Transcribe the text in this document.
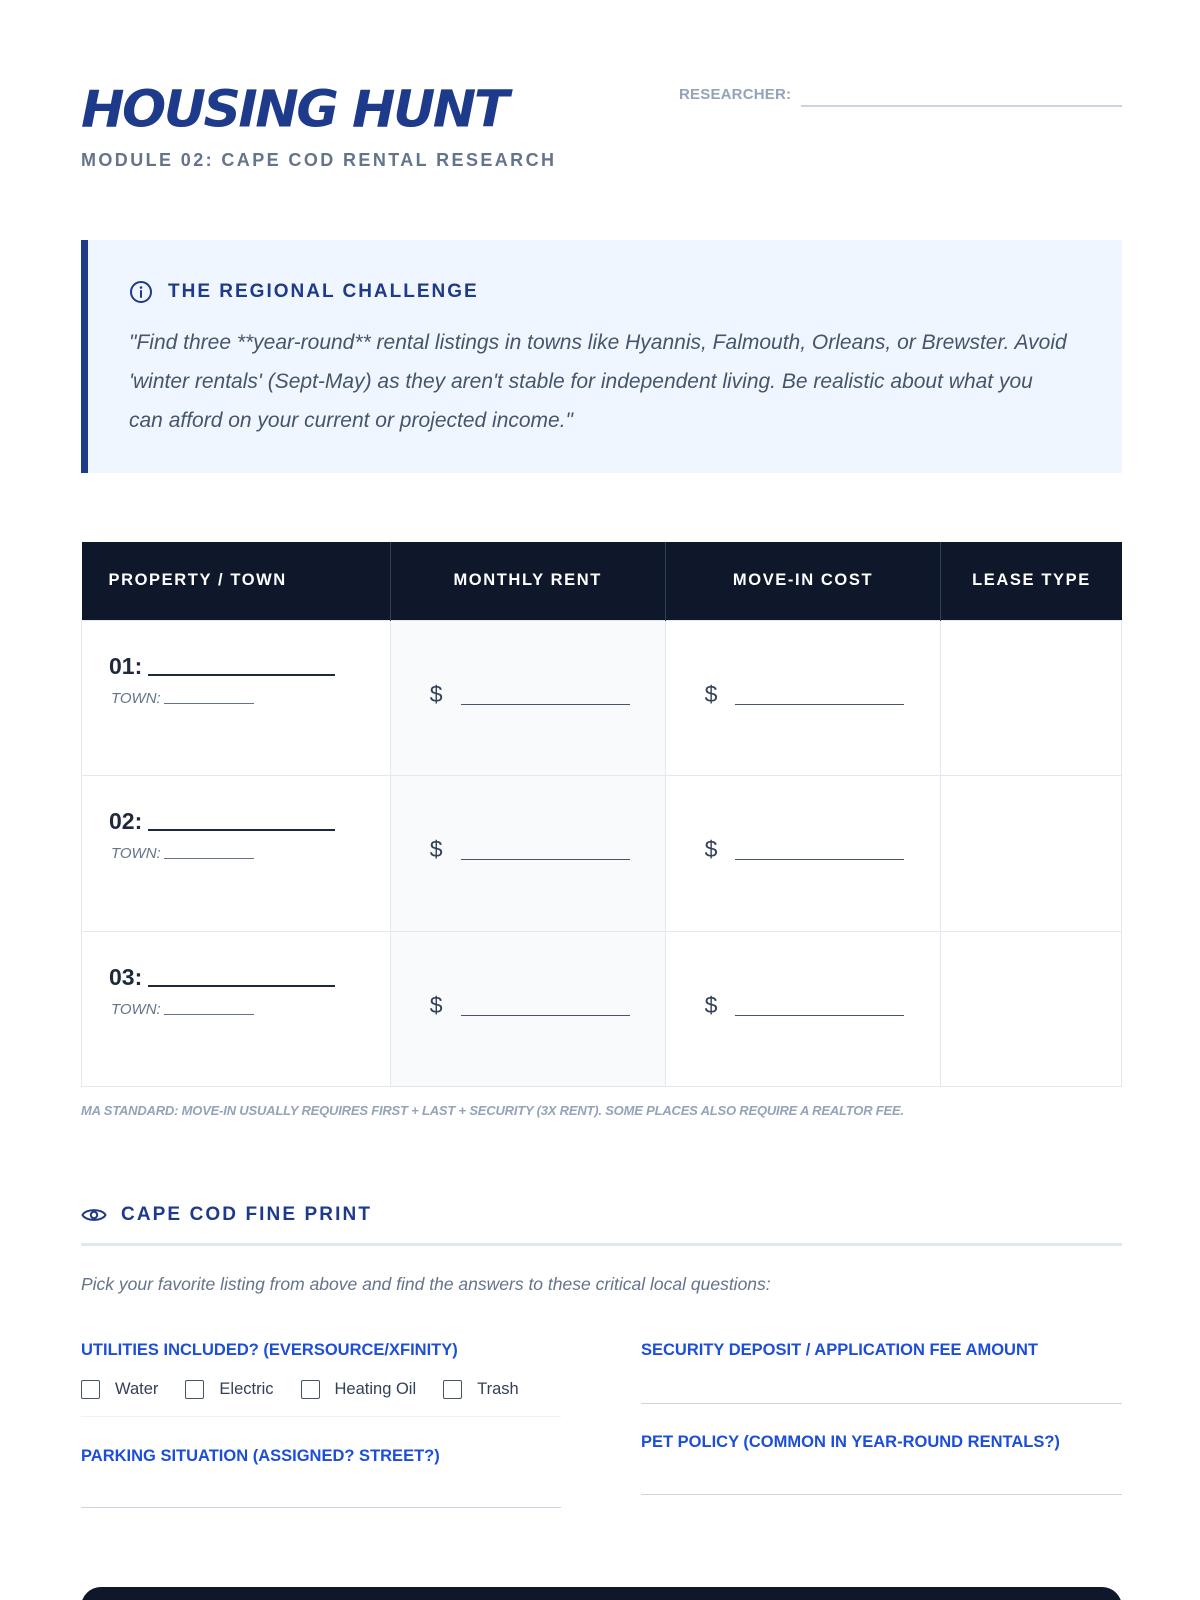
HOUSING HUNT
MODULE 02: CAPE COD RENTAL RESEARCH
RESEARCHER:
THE REGIONAL CHALLENGE

"Find three **year-round** rental listings in towns like Hyannis, Falmouth, Orleans, or Brewster. Avoid 'winter rentals' (Sept-May) as they aren't stable for independent living. Be realistic about what you can afford on your current or projected income."

PROPERTY / TOWN	MONTHLY RENT	MOVE-IN COST	LEASE TYPE

01:
TOWN:	$	$	

02:
TOWN:	$	$	

03:
TOWN:	$	$	

MA STANDARD: MOVE-IN USUALLY REQUIRES FIRST + LAST + SECURITY (3X RENT). SOME PLACES ALSO REQUIRE A REALTOR FEE.
CAPE COD FINE PRINT
Pick your favorite listing from above and find the answers to these critical local questions:
UTILITIES INCLUDED? (EVERSOURCE/XFINITY)
Water	Electric	Heating Oil	Trash
PARKING SITUATION (ASSIGNED? STREET?)
SECURITY DEPOSIT / APPLICATION FEE AMOUNT
PET POLICY (COMMON IN YEAR-ROUND RENTALS?)
